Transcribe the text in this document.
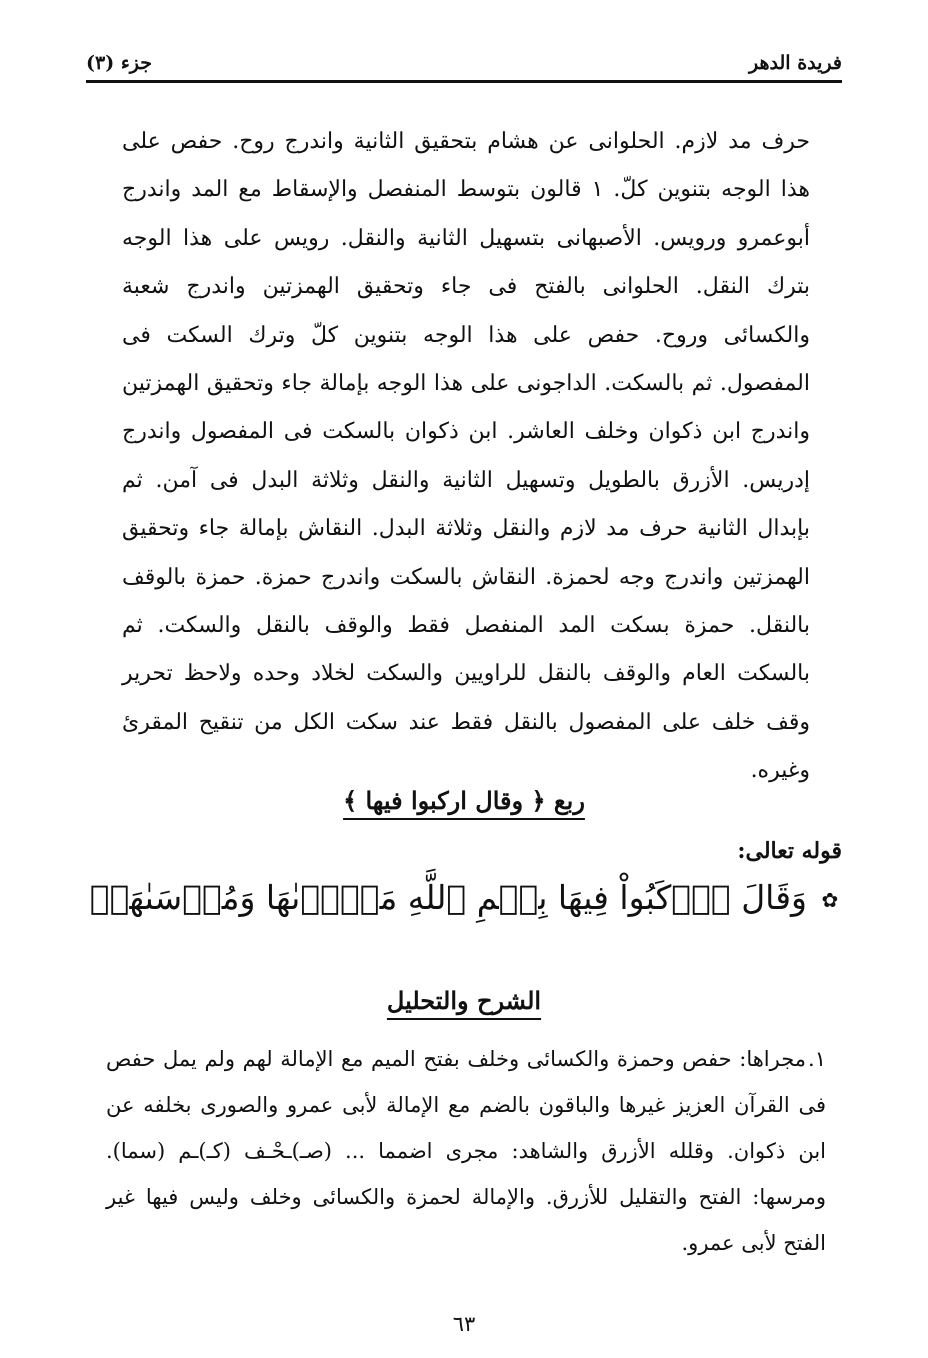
فريدة الدهر
جزء (٣)

حرف مد لازم. الحلوانى عن هشام بتحقيق الثانية واندرج روح. حفص على هذا الوجه بتنوين كلّ. ١ قالون بتوسط المنفصل والإسقاط مع المد واندرج أبوعمرو ورويس. الأصبهانى بتسهيل الثانية والنقل. رويس على هذا الوجه بترك النقل. الحلوانى بالفتح فى جاء وتحقيق الهمزتين واندرج شعبة والكسائى وروح. حفص على هذا الوجه بتنوين كلّ وترك السكت فى المفصول. ثم بالسكت. الداجونى على هذا الوجه بإمالة جاء وتحقيق الهمزتين واندرج ابن ذكوان وخلف العاشر. ابن ذكوان بالسكت فى المفصول واندرج إدريس. الأزرق بالطويل وتسهيل الثانية والنقل وثلاثة البدل فى آمن. ثم بإبدال الثانية حرف مد لازم والنقل وثلاثة البدل. النقاش بإمالة جاء وتحقيق الهمزتين واندرج وجه لحمزة. النقاش بالسكت واندرج حمزة. حمزة بالوقف بالنقل. حمزة بسكت المد المنفصل فقط والوقف بالنقل والسكت. ثم بالسكت العام والوقف بالنقل للراويين والسكت لخلاد وحده ولاحظ تحرير وقف خلف على المفصول بالنقل فقط عند سكت الكل من تنقيح المقرئ وغيره.

ربع ﴿ وقال اركبوا فيها ﴾
قوله تعالى:
✿ وَقَالَ ٱرۡكَبُواْ فِيهَا بِسۡمِ ٱللَّهِ مَجۡرٜىٰهَا وَمُرۡسَىٰهَآۚ
الشرح والتحليل

١.مجراها: حفص وحمزة والكسائى وخلف بفتح الميم مع الإمالة لهم ولم يمل حفص فى القرآن العزيز غيرها والباقون بالضم مع الإمالة لأبى عمرو والصورى بخلفه عن ابن ذكوان. وقلله الأزرق والشاهد: مجرى اضمما ... (صـ)ـحْـف (كـ)ـم (سما). ومرسها: الفتح والتقليل للأزرق. والإمالة لحمزة والكسائى وخلف وليس فيها غير الفتح لأبى عمرو.

٦٣
